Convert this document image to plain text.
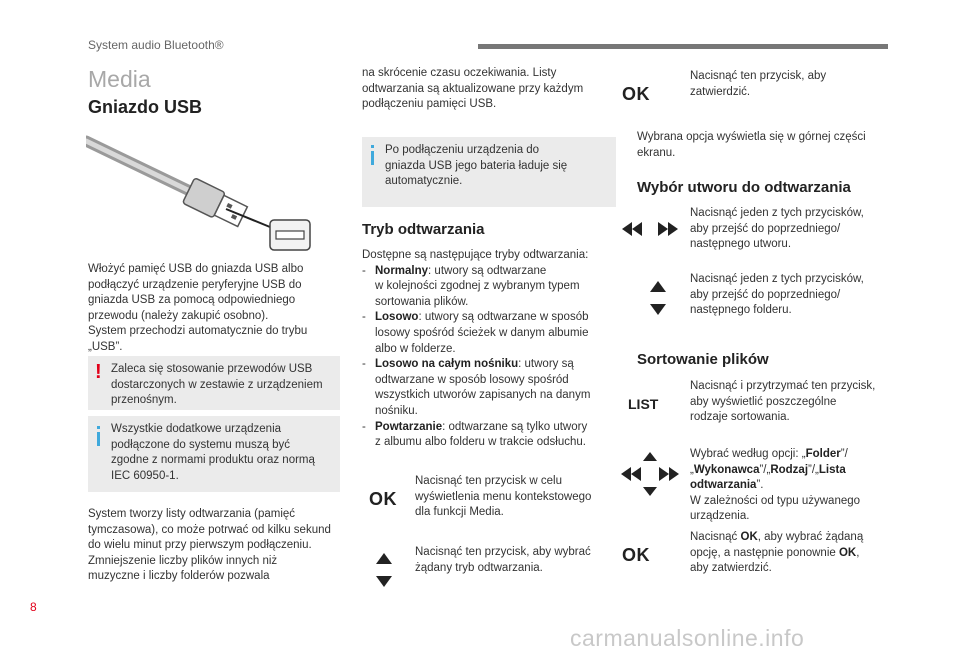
System audio Bluetooth®
Media
Gniazdo USB
Włożyć pamięć USB do gniazda USB albo
podłączyć urządzenie peryferyjne USB do
gniazda USB za pomocą odpowiedniego
przewodu (należy zakupić osobno).
System przechodzi automatycznie do trybu
„USB”.
! Zaleca się stosowanie przewodów USB
dostarczonych w zestawie z urządzeniem
przenośnym.
Wszystkie dodatkowe urządzenia
podłączone do systemu muszą być
zgodne z normami produktu oraz normą
IEC 60950-1.
System tworzy listy odtwarzania (pamięć
tymczasowa), co może potrwać od kilku sekund
do wielu minut przy pierwszym podłączeniu.
Zmniejszenie liczby plików innych niż
muzyczne i liczby folderów pozwala
na skrócenie czasu oczekiwania. Listy
odtwarzania są aktualizowane przy każdym
podłączeniu pamięci USB.
Po podłączeniu urządzenia do
gniazda USB jego bateria ładuje się
automatycznie.
Tryb odtwarzania
Dostępne są następujące tryby odtwarzania:
- Normalny: utwory są odtwarzane
w kolejności zgodnej z wybranym typem
sortowania plików.
- Losowo: utwory są odtwarzane w sposób
losowy spośród ścieżek w danym albumie
albo w folderze.
- Losowo na całym nośniku: utwory są
odtwarzane w sposób losowy spośród
wszystkich utworów zapisanych na danym
nośniku.
- Powtarzanie: odtwarzane są tylko utwory
z albumu albo folderu w trakcie odsłuchu.
OK
Nacisnąć ten przycisk w celu
wyświetlenia menu kontekstowego
dla funkcji Media.
Nacisnąć ten przycisk, aby wybrać
żądany tryb odtwarzania.
OK
Nacisnąć ten przycisk, aby
zatwierdzić.
Wybrana opcja wyświetla się w górnej części
ekranu.
Wybór utworu do odtwarzania
Nacisnąć jeden z tych przycisków,
aby przejść do poprzedniego/
następnego utworu.
Nacisnąć jeden z tych przycisków,
aby przejść do poprzedniego/
następnego folderu.
Sortowanie plików
LIST
Nacisnąć i przytrzymać ten przycisk,
aby wyświetlić poszczególne
rodzaje sortowania.
Wybrać według opcji: „Folder”/
„Wykonawca”/„Rodzaj”/„Lista
odtwarzania”.
W zależności od typu używanego
urządzenia.
OK
Nacisnąć OK, aby wybrać żądaną
opcję, a następnie ponownie OK,
aby zatwierdzić.
8
carmanualsonline.info
